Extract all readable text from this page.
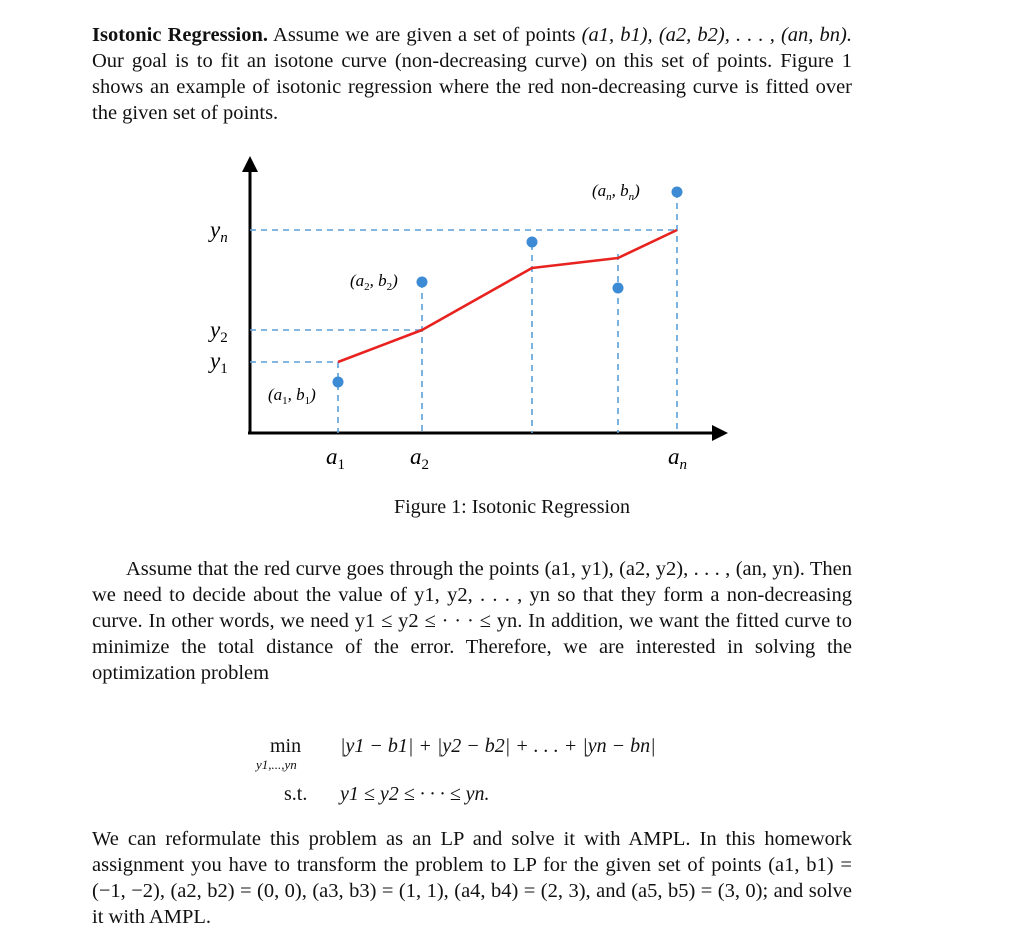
Isotonic Regression. Assume we are given a set of points (a1, b1), (a2, b2), . . . , (an, bn). Our goal is to fit an isotone curve (non-decreasing curve) on this set of points. Figure 1 shows an example of isotonic regression where the red non-decreasing curve is fitted over the given set of points.

$y_n$
$y_2$
$y_1$
$a_1$	$a_2$	$a_n$
($a_1$, $b_1$)
($a_2$, $b_2$)
($a_n$, $b_n$)
Figure 1: Isotonic Regression

Assume that the red curve goes through the points (a1, y1), (a2, y2), . . . , (an, yn). Then we need to decide about the value of y1, y2, . . . , yn so that they form a non-decreasing curve. In other words, we need y1 ≤ y2 ≤ · · · ≤ yn. In addition, we want the fitted curve to minimize the total distance of the error. Therefore, we are interested in solving the optimization problem

min
y1,...,yn
|y1 − b1| + |y2 − b2| + . . . + |yn − bn|
s.t. y1 ≤ y2 ≤ · · · ≤ yn.

We can reformulate this problem as an LP and solve it with AMPL. In this homework assignment you have to transform the problem to LP for the given set of points (a1, b1) = (−1, −2), (a2, b2) = (0, 0), (a3, b3) = (1, 1), (a4, b4) = (2, 3), and (a5, b5) = (3, 0); and solve it with AMPL.
